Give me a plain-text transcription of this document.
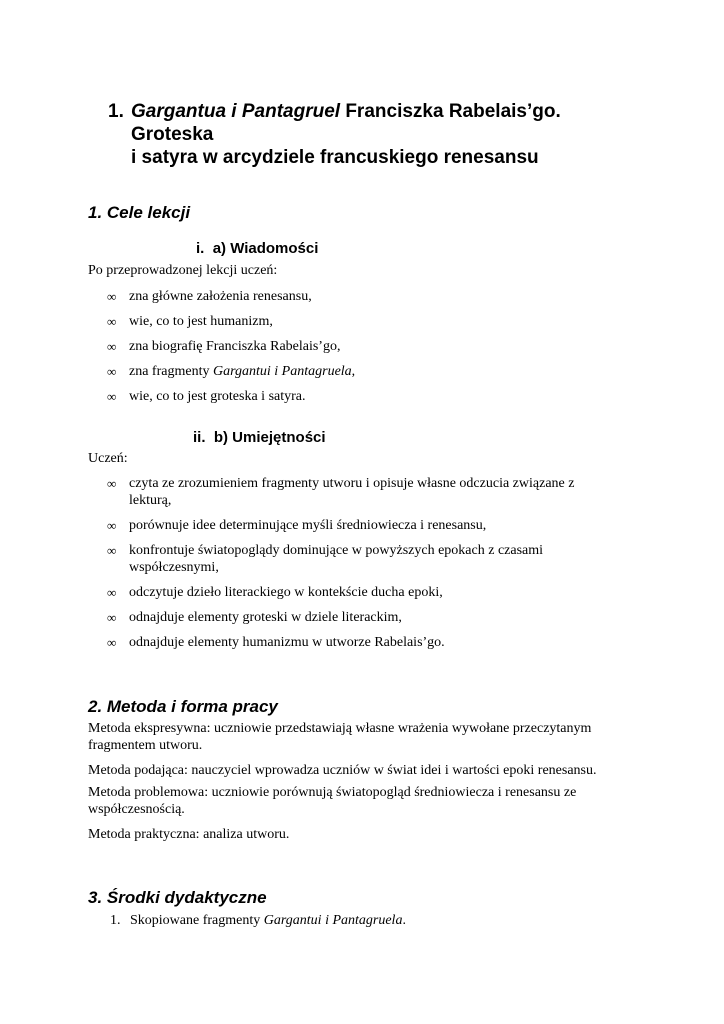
1. Gargantua i Pantagruel Franciszka Rabelais’go.
Groteska
i satyra w arcydziele francuskiego renesansu
1. Cele lekcji
i. a) Wiadomości
Po przeprowadzonej lekcji uczeń:
∞ zna główne założenia renesansu,
∞ wie, co to jest humanizm,
∞ zna biografię Franciszka Rabelais’go,
∞ zna fragmenty Gargantui i Pantagruela,
∞ wie, co to jest groteska i satyra.
ii. b) Umiejętności
Uczeń:
∞ czyta ze zrozumieniem fragmenty utworu i opisuje własne odczucia związane z lekturą,
∞ porównuje idee determinujące myśli średniowiecza i renesansu,
∞ konfrontuje światopoglądy dominujące w powyższych epokach z czasami współczesnymi,
∞ odczytuje dzieło literackiego w kontekście ducha epoki,
∞ odnajduje elementy groteski w dziele literackim,
∞ odnajduje elementy humanizmu w utworze Rabelais’go.
2. Metoda i forma pracy
Metoda ekspresywna: uczniowie przedstawiają własne wrażenia wywołane przeczytanym fragmentem utworu.
Metoda podająca: nauczyciel wprowadza uczniów w świat idei i wartości epoki renesansu.
Metoda problemowa: uczniowie porównują światopogląd średniowiecza i renesansu ze współczesnością.
Metoda praktyczna: analiza utworu.
3. Środki dydaktyczne
1. Skopiowane fragmenty Gargantui i Pantagruela.
